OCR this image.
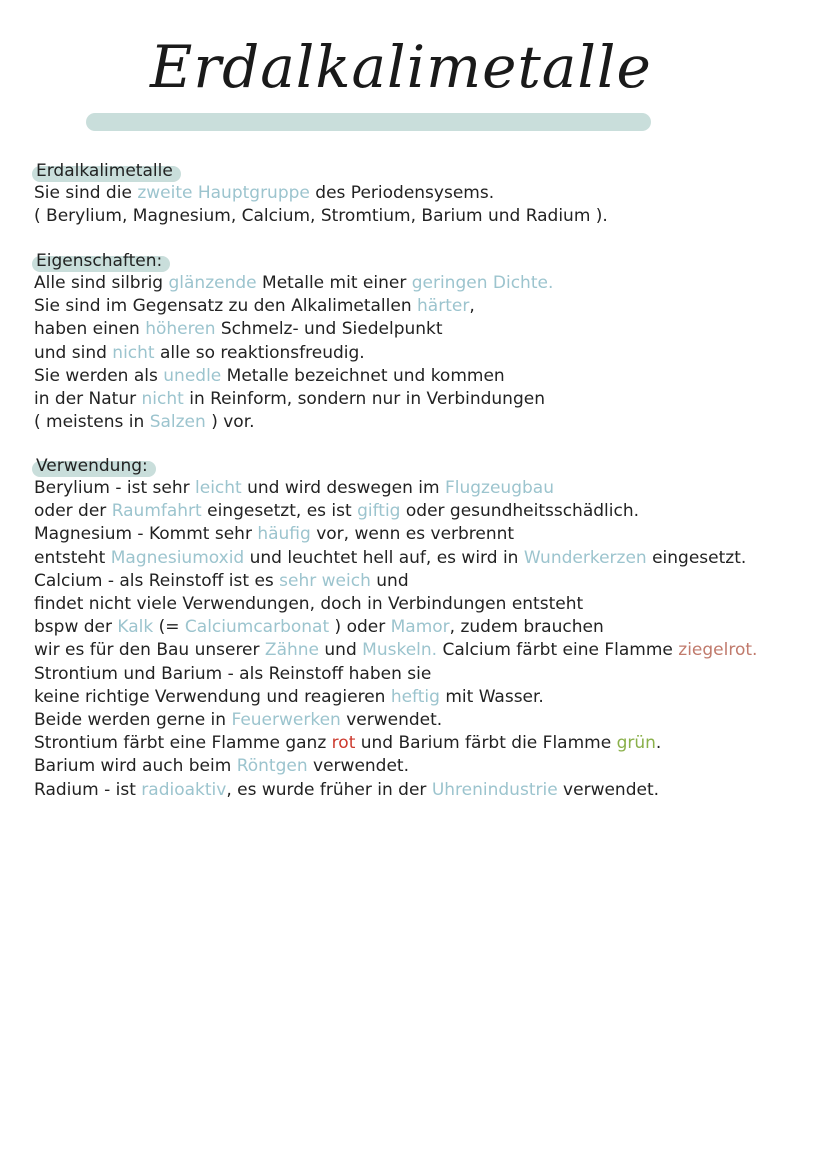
Erdalkalimetalle
Erdalkalimetalle
Sie sind die zweite Hauptgruppe des Periodensysems.
( Berylium, Magnesium, Calcium, Stromtium, Barium und Radium ).
Eigenschaften:
Alle sind silbrig glänzende Metalle mit einer geringen Dichte.
Sie sind im Gegensatz zu den Alkalimetallen härter,
haben einen höheren Schmelz- und Siedelpunkt
und sind nicht alle so reaktionsfreudig.
Sie werden als unedle Metalle bezeichnet und kommen
in der Natur nicht in Reinform, sondern nur in Verbindungen
( meistens in Salzen ) vor.
Verwendung:
Berylium - ist sehr leicht und wird deswegen im Flugzeugbau
oder der Raumfahrt eingesetzt, es ist giftig oder gesundheitsschädlich.
Magnesium - Kommt sehr häufig vor, wenn es verbrennt
entsteht Magnesiumoxid und leuchtet hell auf, es wird in Wunderkerzen eingesetzt.
Calcium - als Reinstoff ist es sehr weich und
findet nicht viele Verwendungen, doch in Verbindungen entsteht
bspw der Kalk (= Calciumcarbonat ) oder Mamor, zudem brauchen
wir es für den Bau unserer Zähne und Muskeln. Calcium färbt eine Flamme ziegelrot.
Strontium und Barium - als Reinstoff haben sie
keine richtige Verwendung und reagieren heftig mit Wasser.
Beide werden gerne in Feuerwerken verwendet.
Strontium färbt eine Flamme ganz rot und Barium färbt die Flamme grün.
Barium wird auch beim Röntgen verwendet.
Radium - ist radioaktiv, es wurde früher in der Uhrenindustrie verwendet.
